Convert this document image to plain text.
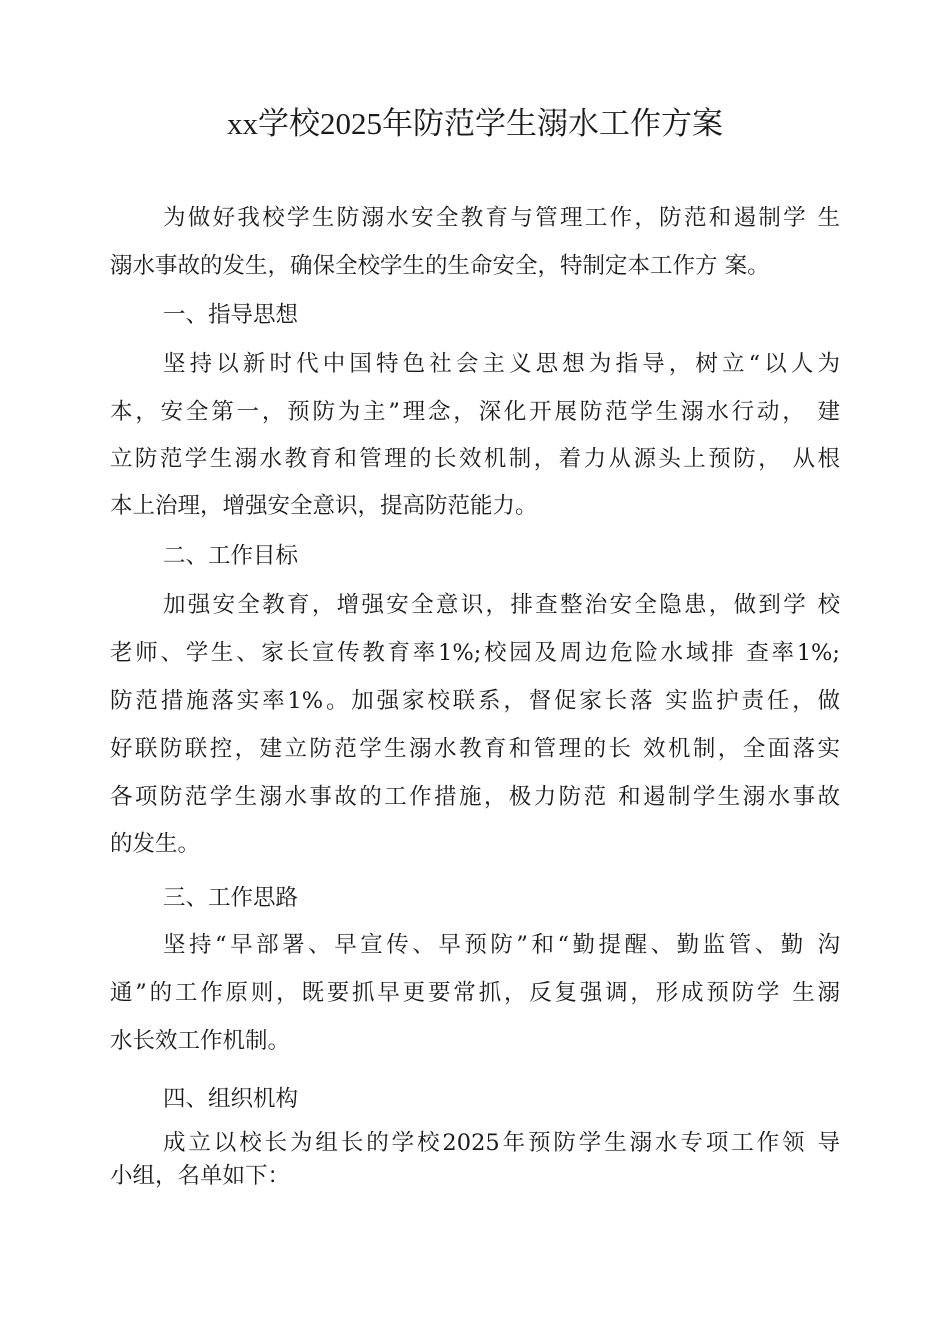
xx学校2025年防范学生溺水工作方案
为做好我校学生防溺水安全教育与管理工作，防范和遏制学 生
溺水事故的发生，确保全校学生的生命安全，特制定本工作方 案。
一、指导思想
坚持以新时代中国特色社会主义思想为指导，树立“以人为
本，安全第一，预防为主”理念，深化开展防范学生溺水行动， 建
立防范学生溺水教育和管理的长效机制，着力从源头上预防， 从根
本上治理，增强安全意识，提高防范能力。
二、工作目标
加强安全教育，增强安全意识，排查整治安全隐患，做到学 校
老师、学生、家长宣传教育率1%;校园及周边危险水域排 查率1%;
防范措施落实率1%。加强家校联系，督促家长落 实监护责任，做
好联防联控，建立防范学生溺水教育和管理的长 效机制，全面落实
各项防范学生溺水事故的工作措施，极力防范 和遏制学生溺水事故
的发生。
三、工作思路
坚持“早部署、早宣传、早预防”和“勤提醒、勤监管、勤 沟
通”的工作原则，既要抓早更要常抓，反复强调，形成预防学 生溺
水长效工作机制。
四、组织机构
成立以校长为组长的学校2025年预防学生溺水专项工作领 导
小组，名单如下：
